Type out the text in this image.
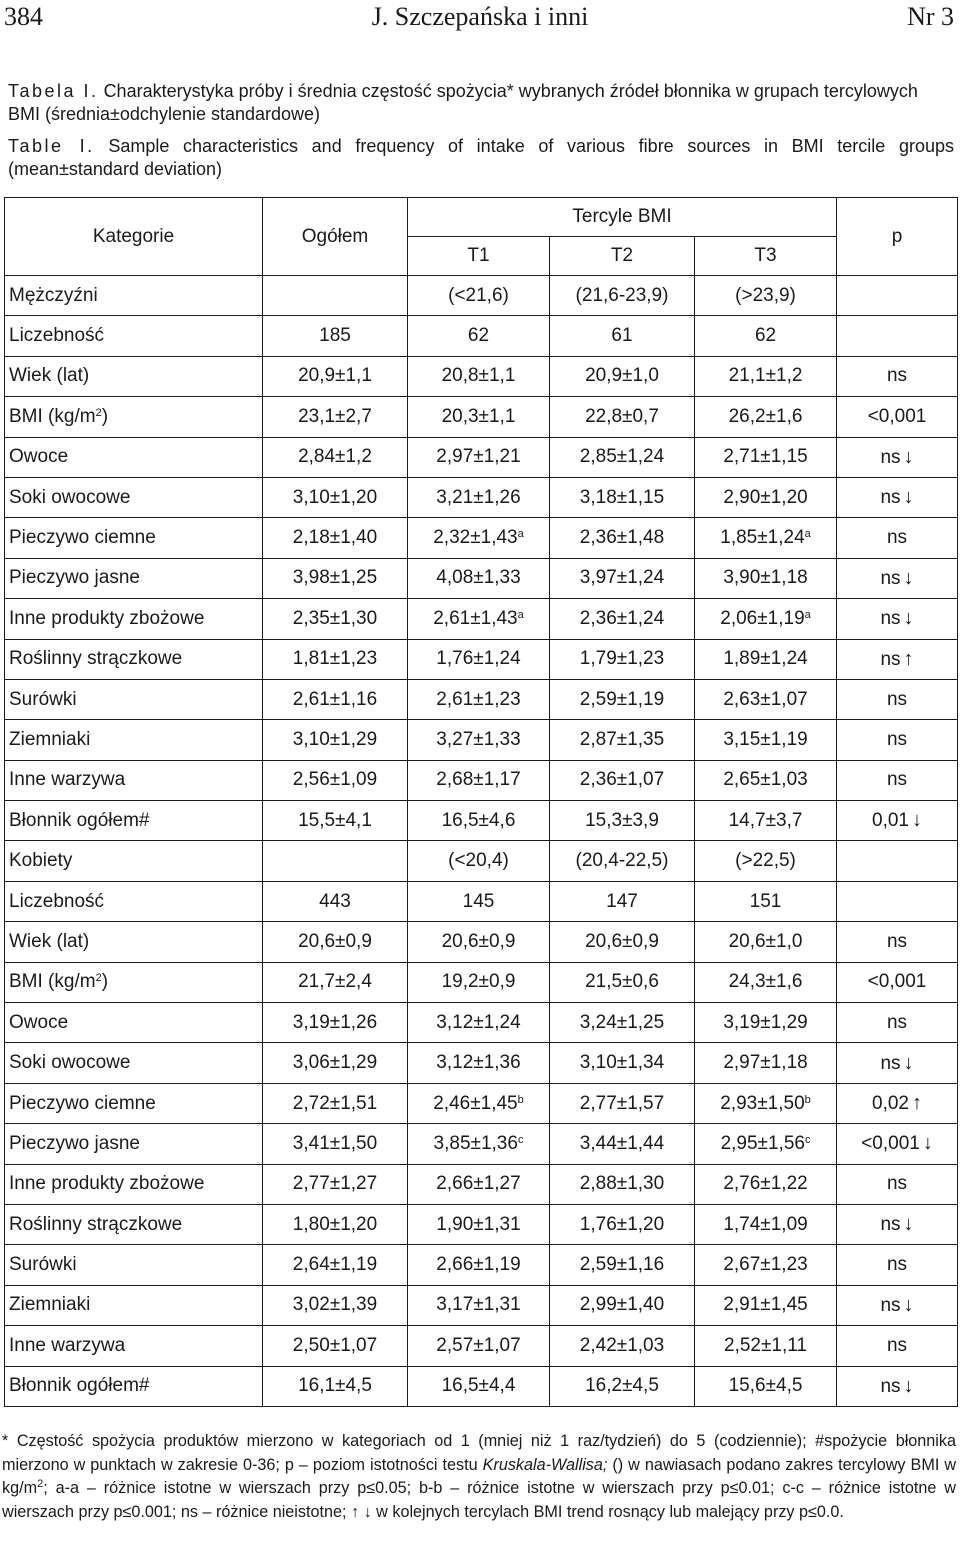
384	J. Szczepańska i inni	Nr 3
Tabela I. Charakterystyka próby i średnia częstość spożycia* wybranych źródeł błonnika w grupach tercylowych BMI (średnia±odchylenie standardowe)
Table I. Sample characteristics and frequency of intake of various fibre sources in BMI tercile groups (mean±standard deviation)
Kategorie	Ogółem	Tercyle BMI			p
		T1	T2	T3	
Mężczyźni		(<21,6)	(21,6-23,9)	(>23,9)	
Liczebność	185	62	61	62	
Wiek (lat)	20,9±1,1	20,8±1,1	20,9±1,0	21,1±1,2	ns
BMI $(kg/m^2)$	23,1±2,7	20,3±1,1	22,8±0,7	26,2±1,6	<0,001
Owoce	2,84±1,2	2,97±1,21	2,85±1,24	2,71±1,15	ns ↓
Soki owocowe	3,10±1,20	3,21±1,26	3,18±1,15	2,90±1,20	ns ↓
Pieczywo ciemne	2,18±1,40	2,32±1,43$^a$	2,36±1,48	1,85±1,24$^a$	ns
Pieczywo jasne	3,98±1,25	4,08±1,33	3,97±1,24	3,90±1,18	ns ↓
Inne produkty zbożowe	2,35±1,30	2,61±1,43$^a$	2,36±1,24	2,06±1,19$^a$	ns ↓
Roślinny strączkowe	1,81±1,23	1,76±1,24	1,79±1,23	1,89±1,24	ns ↑
Surówki	2,61±1,16	2,61±1,23	2,59±1,19	2,63±1,07	ns
Ziemniaki	3,10±1,29	3,27±1,33	2,87±1,35	3,15±1,19	ns
Inne warzywa	2,56±1,09	2,68±1,17	2,36±1,07	2,65±1,03	ns
Błonnik ogółem#	15,5±4,1	16,5±4,6	15,3±3,9	14,7±3,7	0,01 ↓
Kobiety		(<20,4)	(20,4-22,5)	(>22,5)	
Liczebność	443	145	147	151	
Wiek (lat)	20,6±0,9	20,6±0,9	20,6±0,9	20,6±1,0	ns
BMI $(kg/m^2)$	21,7±2,4	19,2±0,9	21,5±0,6	24,3±1,6	<0,001
Owoce	3,19±1,26	3,12±1,24	3,24±1,25	3,19±1,29	ns
Soki owocowe	3,06±1,29	3,12±1,36	3,10±1,34	2,97±1,18	ns ↓
Pieczywo ciemne	2,72±1,51	2,46±1,45$^b$	2,77±1,57	2,93±1,50$^b$	0,02 ↑
Pieczywo jasne	3,41±1,50	3,85±1,36$^c$	3,44±1,44	2,95±1,56$^c$	<0,001 ↓
Inne produkty zbożowe	2,77±1,27	2,66±1,27	2,88±1,30	2,76±1,22	ns
Roślinny strączkowe	1,80±1,20	1,90±1,31	1,76±1,20	1,74±1,09	ns ↓
Surówki	2,64±1,19	2,66±1,19	2,59±1,16	2,67±1,23	ns
Ziemniaki	3,02±1,39	3,17±1,31	2,99±1,40	2,91±1,45	ns ↓
Inne warzywa	2,50±1,07	2,57±1,07	2,42±1,03	2,52±1,11	ns
Błonnik ogółem#	16,1±4,5	16,5±4,4	16,2±4,5	15,6±4,5	ns ↓
* Częstość spożycia produktów mierzono w kategoriach od 1 (mniej niż 1 raz/tydzień) do 5 (codziennie); #spożycie błonnika mierzono w punktach w zakresie 0-36; p – poziom istotności testu Kruskala-Wallisa; () w nawiasach podano zakres tercylowy BMI w $kg/m^2$; a-a – różnice istotne w wierszach przy p≤0.05; b-b – różnice istotne w wierszach przy p≤0.01; c-c – różnice istotne w wierszach przy p≤0.001; ns – różnice nieistotne; ↑ ↓ w kolejnych tercylach BMI trend rosnący lub malejący przy p≤0.0.
